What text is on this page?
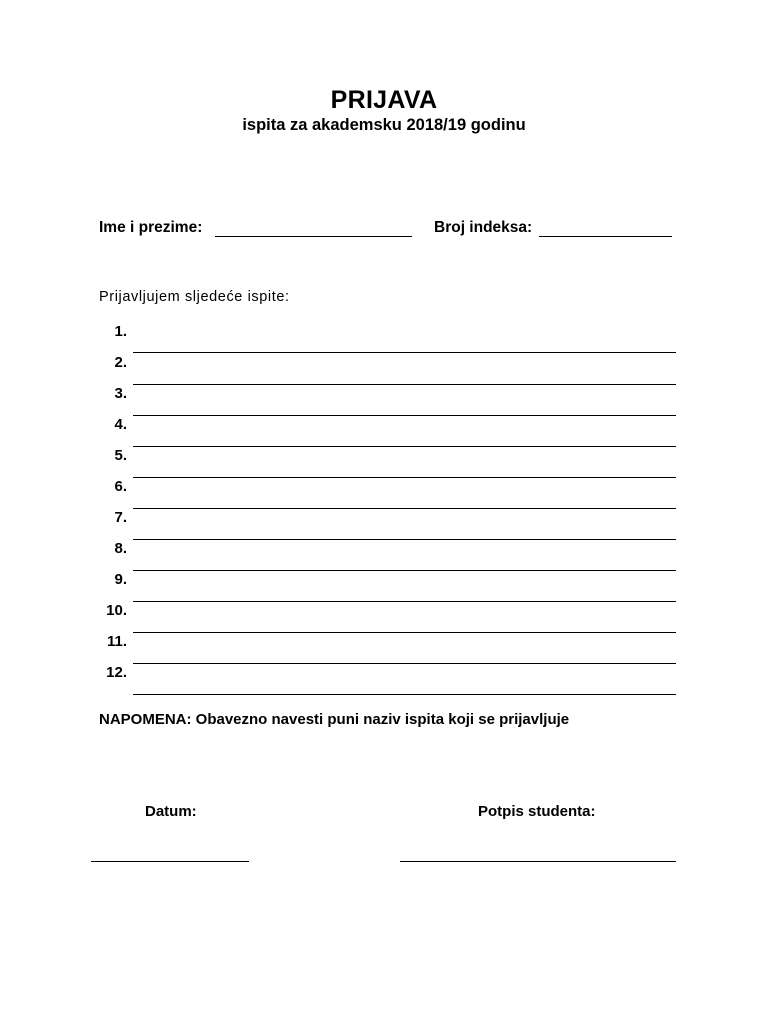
PRIJAVA
ispita za akademsku 2018/19 godinu
Ime i prezime:	Broj indeksa:
Prijavljujem sljedeće ispite:
1.
2.
3.
4.
5.
6.
7.
8.
9.
10.
11.
12.
NAPOMENA: Obavezno navesti puni naziv ispita koji se prijavljuje
Datum:	Potpis studenta:
